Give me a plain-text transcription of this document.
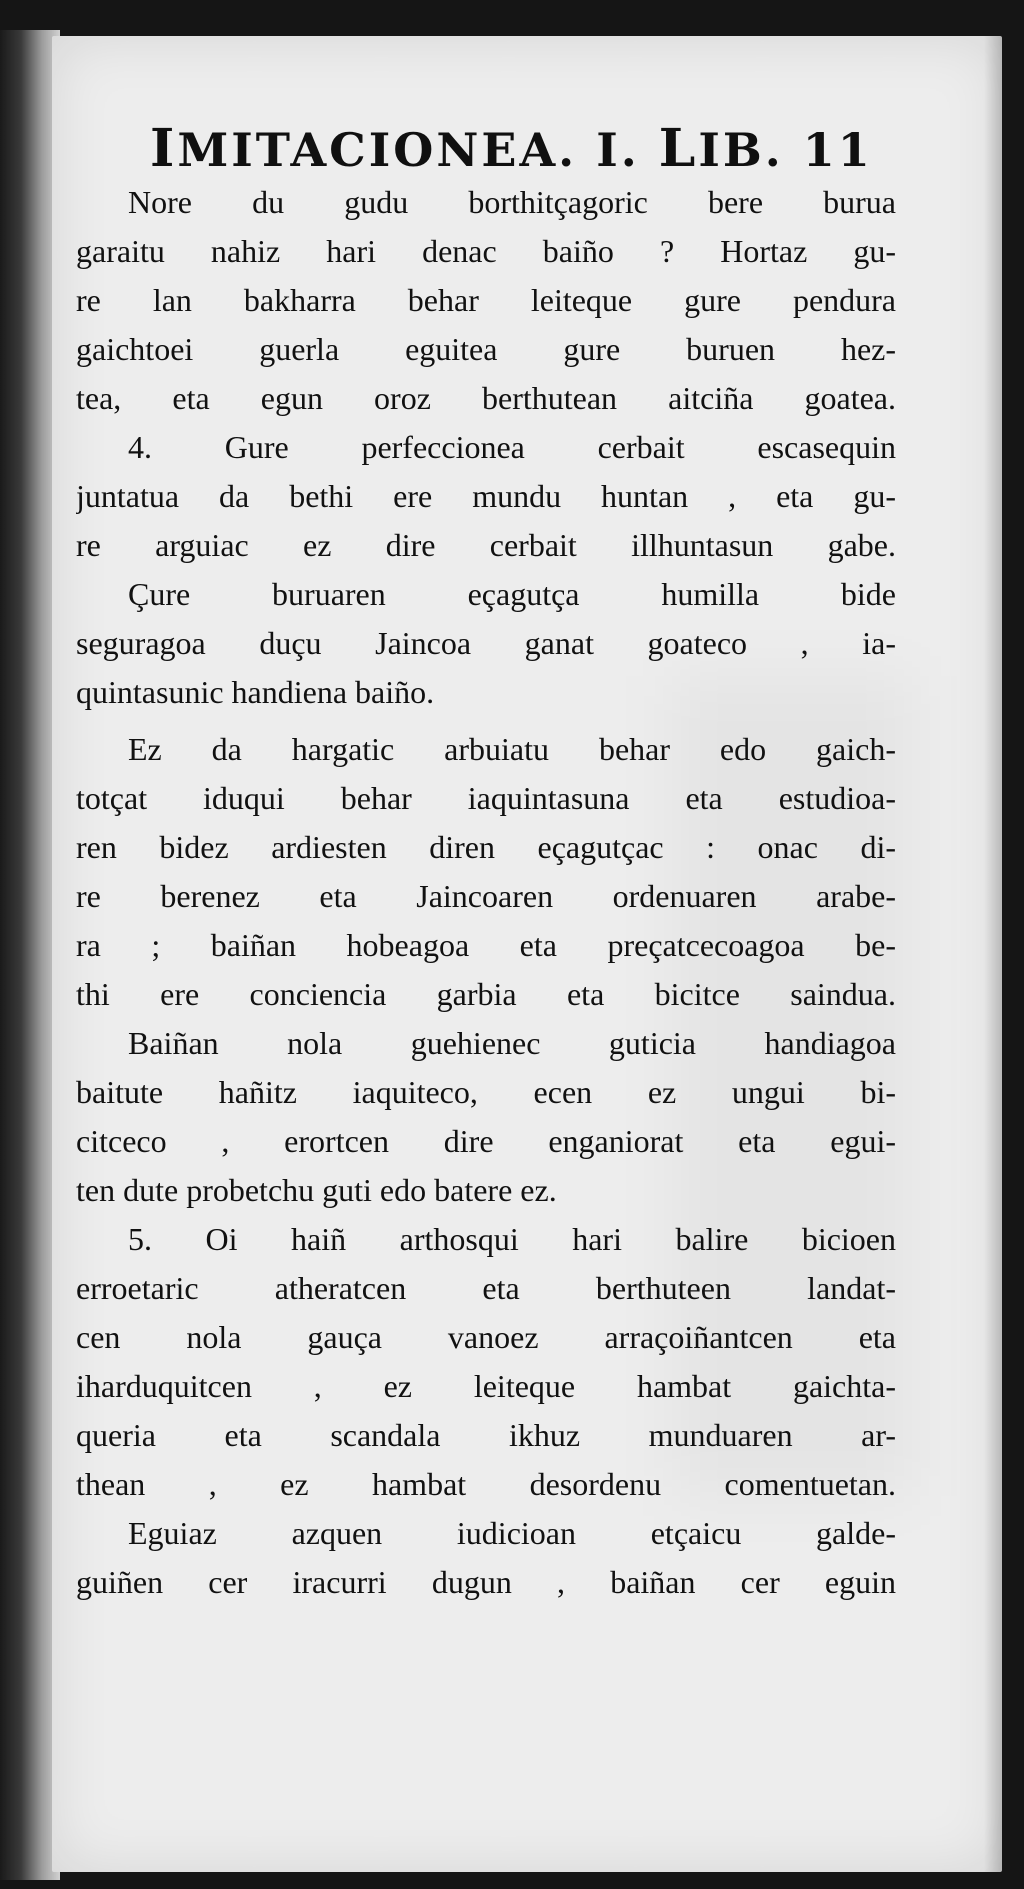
IMITACIONEA. I. LIB. 11
Nore du gudu borthitçagoric bere burua
garaitu nahiz hari denac baiño ? Hortaz gu-
re lan bakharra behar leiteque gure pendura
gaichtoei guerla eguitea gure buruen hez-
tea, eta egun oroz berthutean aitciña goatea.
4. Gure perfeccionea cerbait escasequin
juntatua da bethi ere mundu huntan , eta gu-
re arguiac ez dire cerbait illhuntasun gabe.
Çure buruaren eçagutça humilla bide
seguragoa duçu Jaincoa ganat goateco , ia-
quintasunic handiena baiño.
Ez da hargatic arbuiatu behar edo gaich-
totçat iduqui behar iaquintasuna eta estudioa-
ren bidez ardiesten diren eçagutçac : onac di-
re berenez eta Jaincoaren ordenuaren arabe-
ra ; baiñan hobeagoa eta preçatcecoagoa be-
thi ere conciencia garbia eta bicitce saindua.
Baiñan nola guehienec guticia handiagoa
baitute hañitz iaquiteco, ecen ez ungui bi-
citceco , erortcen dire enganiorat eta egui-
ten dute probetchu guti edo batere ez.
5. Oi haiñ arthosqui hari balire bicioen
erroetaric atheratcen eta berthuteen landat-
cen nola gauça vanoez arraçoiñantcen eta
iharduquitcen , ez leiteque hambat gaichta-
queria eta scandala ikhuz munduaren ar-
thean , ez hambat desordenu comentuetan.
Eguiaz azquen iudicioan etçaicu galde-
guiñen cer iracurri dugun , baiñan cer eguin
